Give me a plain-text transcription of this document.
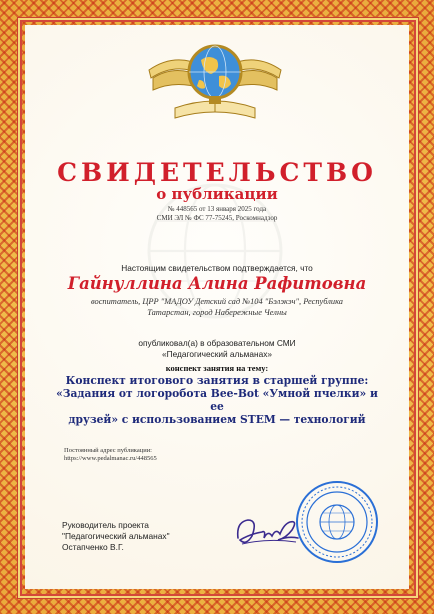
СВИДЕТЕЛЬСТВО
о публикации
№ 448565 от 13 января 2025 года
СМИ ЭЛ № ФС 77-75245, Роскомнадзор
Настоящим свидетельством подтверждается, что
Гайнуллина Алина Рафитовна
воспитатель, ЦРР "МАДОУ Детский сад №104 "Бэлэкэч", Республика
Татарстан, город Набережные Челны
опубликовал(а) в образовательном СМИ
«Педагогический альманах»
конспект занятия на тему:
Конспект итогового занятия в старшей группе:
«Задания от логоробота Bee-Bot «Умной пчелки» и ее
друзей» с использованием STEM — технологий
Постоянный адрес публикации:
https://www.pedalmanac.ru/448565
Руководитель проекта
"Педагогический альманах"
Остапченко В.Г.
